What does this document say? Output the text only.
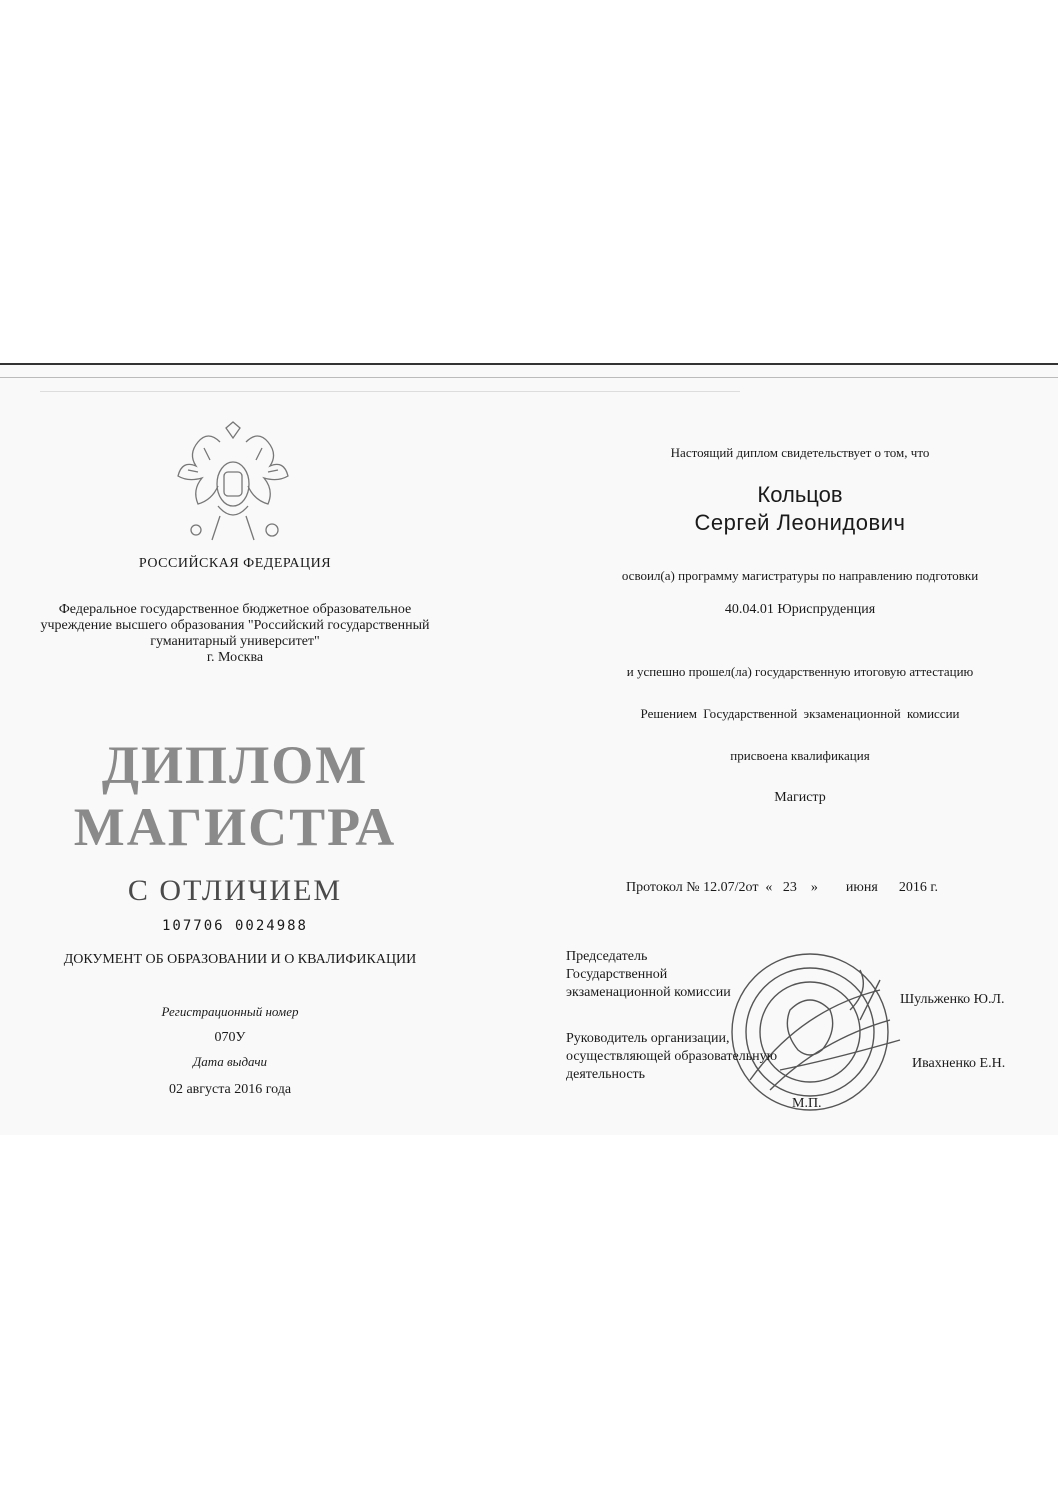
РОССИЙСКАЯ ФЕДЕРАЦИЯ
Федеральное государственное бюджетное образовательное
учреждение высшего образования "Российский государственный
гуманитарный университет"
г. Москва
ДИПЛОМ
МАГИСТРА
С ОТЛИЧИЕМ
107706 0024988
ДОКУМЕНТ ОБ ОБРАЗОВАНИИ И О КВАЛИФИКАЦИИ
Регистрационный номер
070У
Дата выдачи
02 августа 2016 года
Настоящий диплом свидетельствует о том, что
Кольцов
Сергей Леонидович
освоил(а) программу магистратуры по направлению подготовки
40.04.01 Юриспруденция
и успешно прошел(ла) государственную итоговую аттестацию
Решением Государственной экзаменационной комиссии
присвоена квалификация
Магистр
Протокол № 12.07/2от  «   23    »        июня      2016 г.
Председатель
Государственной
экзаменационной комиссии	Шульженко Ю.Л.
Руководитель организации,
осуществляющей образовательную
деятельность
Ивахненко Е.Н.
М.П.
